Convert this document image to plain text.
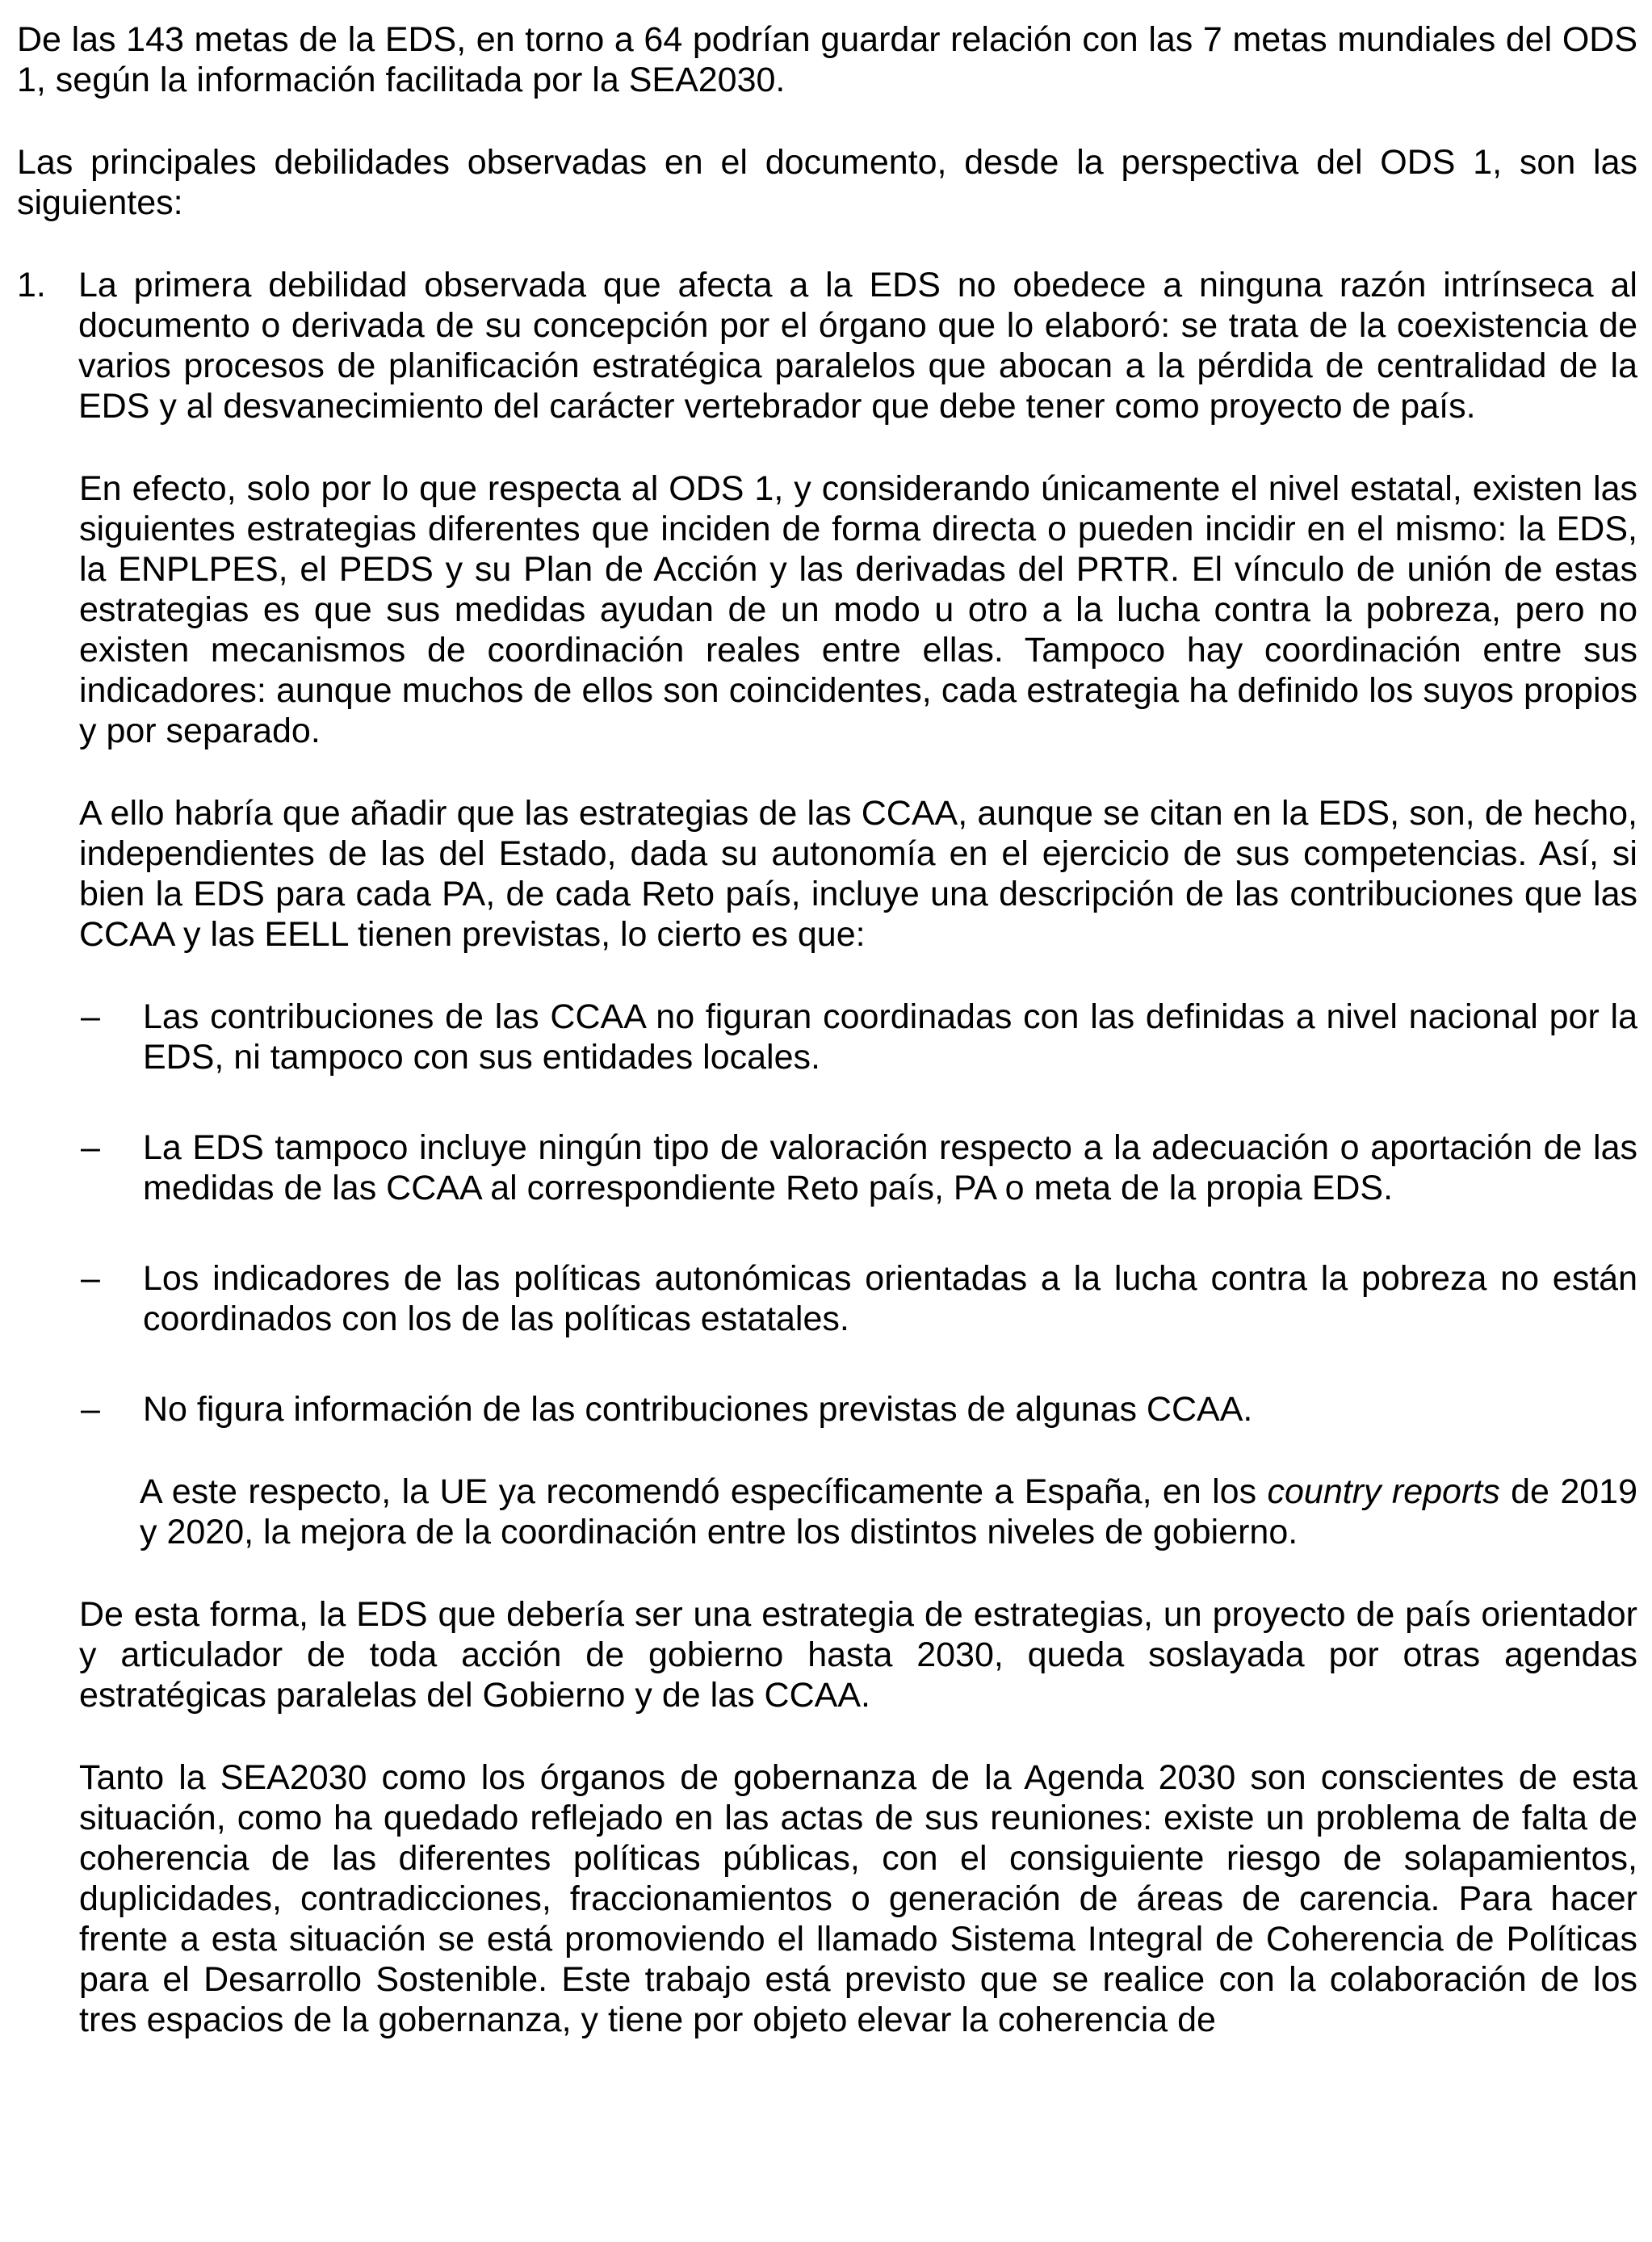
De las 143 metas de la EDS, en torno a 64 podrían guardar relación con las 7 metas mundiales del ODS 1, según la información facilitada por la SEA2030.

Las principales debilidades observadas en el documento, desde la perspectiva del ODS 1, son las siguientes:

1. La primera debilidad observada que afecta a la EDS no obedece a ninguna razón intrínseca al documento o derivada de su concepción por el órgano que lo elaboró: se trata de la coexistencia de varios procesos de planificación estratégica paralelos que abocan a la pérdida de centralidad de la EDS y al desvanecimiento del carácter vertebrador que debe tener como proyecto de país.

En efecto, solo por lo que respecta al ODS 1, y considerando únicamente el nivel estatal, existen las siguientes estrategias diferentes que inciden de forma directa o pueden incidir en el mismo: la EDS, la ENPLPES, el PEDS y su Plan de Acción y las derivadas del PRTR. El vínculo de unión de estas estrategias es que sus medidas ayudan de un modo u otro a la lucha contra la pobreza, pero no existen mecanismos de coordinación reales entre ellas. Tampoco hay coordinación entre sus indicadores: aunque muchos de ellos son coincidentes, cada estrategia ha definido los suyos propios y por separado.

A ello habría que añadir que las estrategias de las CCAA, aunque se citan en la EDS, son, de hecho, independientes de las del Estado, dada su autonomía en el ejercicio de sus competencias. Así, si bien la EDS para cada PA, de cada Reto país, incluye una descripción de las contribuciones que las CCAA y las EELL tienen previstas, lo cierto es que:

–	Las contribuciones de las CCAA no figuran coordinadas con las definidas a nivel nacional por la EDS, ni tampoco con sus entidades locales.
–	La EDS tampoco incluye ningún tipo de valoración respecto a la adecuación o aportación de las medidas de las CCAA al correspondiente Reto país, PA o meta de la propia EDS.
–	Los indicadores de las políticas autonómicas orientadas a la lucha contra la pobreza no están coordinados con los de las políticas estatales.
–	No figura información de las contribuciones previstas de algunas CCAA.

A este respecto, la UE ya recomendó específicamente a España, en los country reports de 2019 y 2020, la mejora de la coordinación entre los distintos niveles de gobierno.

De esta forma, la EDS que debería ser una estrategia de estrategias, un proyecto de país orientador y articulador de toda acción de gobierno hasta 2030, queda soslayada por otras agendas estratégicas paralelas del Gobierno y de las CCAA.

Tanto la SEA2030 como los órganos de gobernanza de la Agenda 2030 son conscientes de esta situación, como ha quedado reflejado en las actas de sus reuniones: existe un problema de falta de coherencia de las diferentes políticas públicas, con el consiguiente riesgo de solapamientos, duplicidades, contradicciones, fraccionamientos o generación de áreas de carencia. Para hacer frente a esta situación se está promoviendo el llamado Sistema Integral de Coherencia de Políticas para el Desarrollo Sostenible. Este trabajo está previsto que se realice con la colaboración de los tres espacios de la gobernanza, y tiene por objeto elevar la coherencia de
